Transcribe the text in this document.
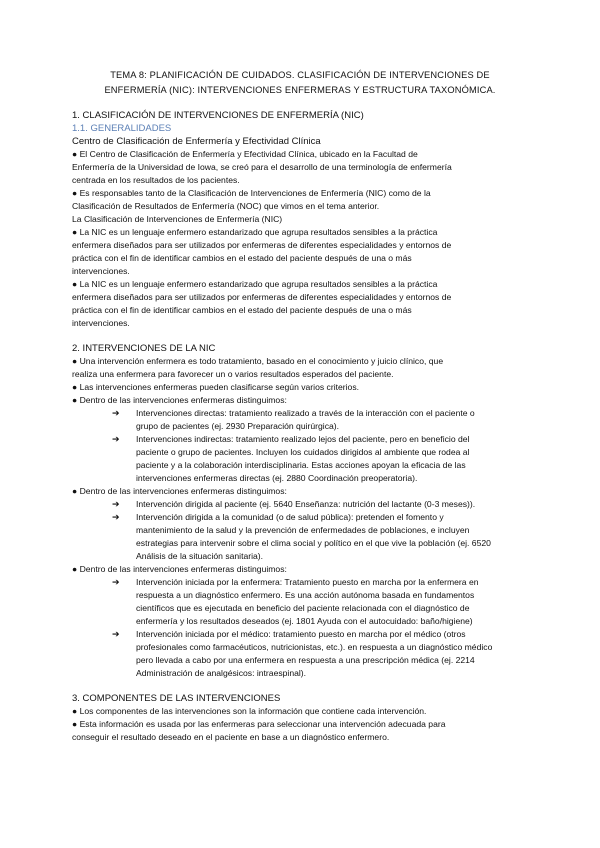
TEMA 8: PLANIFICACIÓN DE CUIDADOS. CLASIFICACIÓN DE INTERVENCIONES DE
ENFERMERÍA (NIC): INTERVENCIONES ENFERMERAS Y ESTRUCTURA TAXONÓMICA.
1. CLASIFICACIÓN DE INTERVENCIONES DE ENFERMERÍA (NIC)
1.1. GENERALIDADES
Centro de Clasificación de Enfermería y Efectividad Clínica
● El Centro de Clasificación de Enfermería y Efectividad Clínica, ubicado en la Facultad de
Enfermería de la Universidad de Iowa, se creó para el desarrollo de una terminología de enfermería
centrada en los resultados de los pacientes.
● Es responsables tanto de la Clasificación de Intervenciones de Enfermería (NIC) como de la
Clasificación de Resultados de Enfermería (NOC) que vimos en el tema anterior.
La Clasificación de Intervenciones de Enfermería (NIC)
● La NIC es un lenguaje enfermero estandarizado que agrupa resultados sensibles a la práctica
enfermera diseñados para ser utilizados por enfermeras de diferentes especialidades y entornos de
práctica con el fin de identificar cambios en el estado del paciente después de una o más
intervenciones.
● La NIC es un lenguaje enfermero estandarizado que agrupa resultados sensibles a la práctica
enfermera diseñados para ser utilizados por enfermeras de diferentes especialidades y entornos de
práctica con el fin de identificar cambios en el estado del paciente después de una o más
intervenciones.
2. INTERVENCIONES DE LA NIC
● Una intervención enfermera es todo tratamiento, basado en el conocimiento y juicio clínico, que
realiza una enfermera para favorecer un o varios resultados esperados del paciente.
● Las intervenciones enfermeras pueden clasificarse según varios criterios.
● Dentro de las intervenciones enfermeras distinguimos:
➔ Intervenciones directas: tratamiento realizado a través de la interacción con el paciente o
grupo de pacientes (ej. 2930 Preparación quirúrgica).
➔ Intervenciones indirectas: tratamiento realizado lejos del paciente, pero en beneficio del
paciente o grupo de pacientes. Incluyen los cuidados dirigidos al ambiente que rodea al
paciente y a la colaboración interdisciplinaria. Estas acciones apoyan la eficacia de las
intervenciones enfermeras directas (ej. 2880 Coordinación preoperatoria).
● Dentro de las intervenciones enfermeras distinguimos:
➔ Intervención dirigida al paciente (ej. 5640 Enseñanza: nutrición del lactante (0-3 meses)).
➔ Intervención dirigida a la comunidad (o de salud pública): pretenden el fomento y
mantenimiento de la salud y la prevención de enfermedades de poblaciones, e incluyen
estrategias para intervenir sobre el clima social y político en el que vive la población (ej. 6520
Análisis de la situación sanitaria).
● Dentro de las intervenciones enfermeras distinguimos:
➔ Intervención iniciada por la enfermera: Tratamiento puesto en marcha por la enfermera en
respuesta a un diagnóstico enfermero. Es una acción autónoma basada en fundamentos
científicos que es ejecutada en beneficio del paciente relacionada con el diagnóstico de
enfermería y los resultados deseados (ej. 1801 Ayuda con el autocuidado: baño/higiene)
➔ Intervención iniciada por el médico: tratamiento puesto en marcha por el médico (otros
profesionales como farmacéuticos, nutricionistas, etc.). en respuesta a un diagnóstico médico
pero llevada a cabo por una enfermera en respuesta a una prescripción médica (ej. 2214
Administración de analgésicos: intraespinal).
3. COMPONENTES DE LAS INTERVENCIONES
● Los componentes de las intervenciones son la información que contiene cada intervención.
● Esta información es usada por las enfermeras para seleccionar una intervención adecuada para
conseguir el resultado deseado en el paciente en base a un diagnóstico enfermero.
